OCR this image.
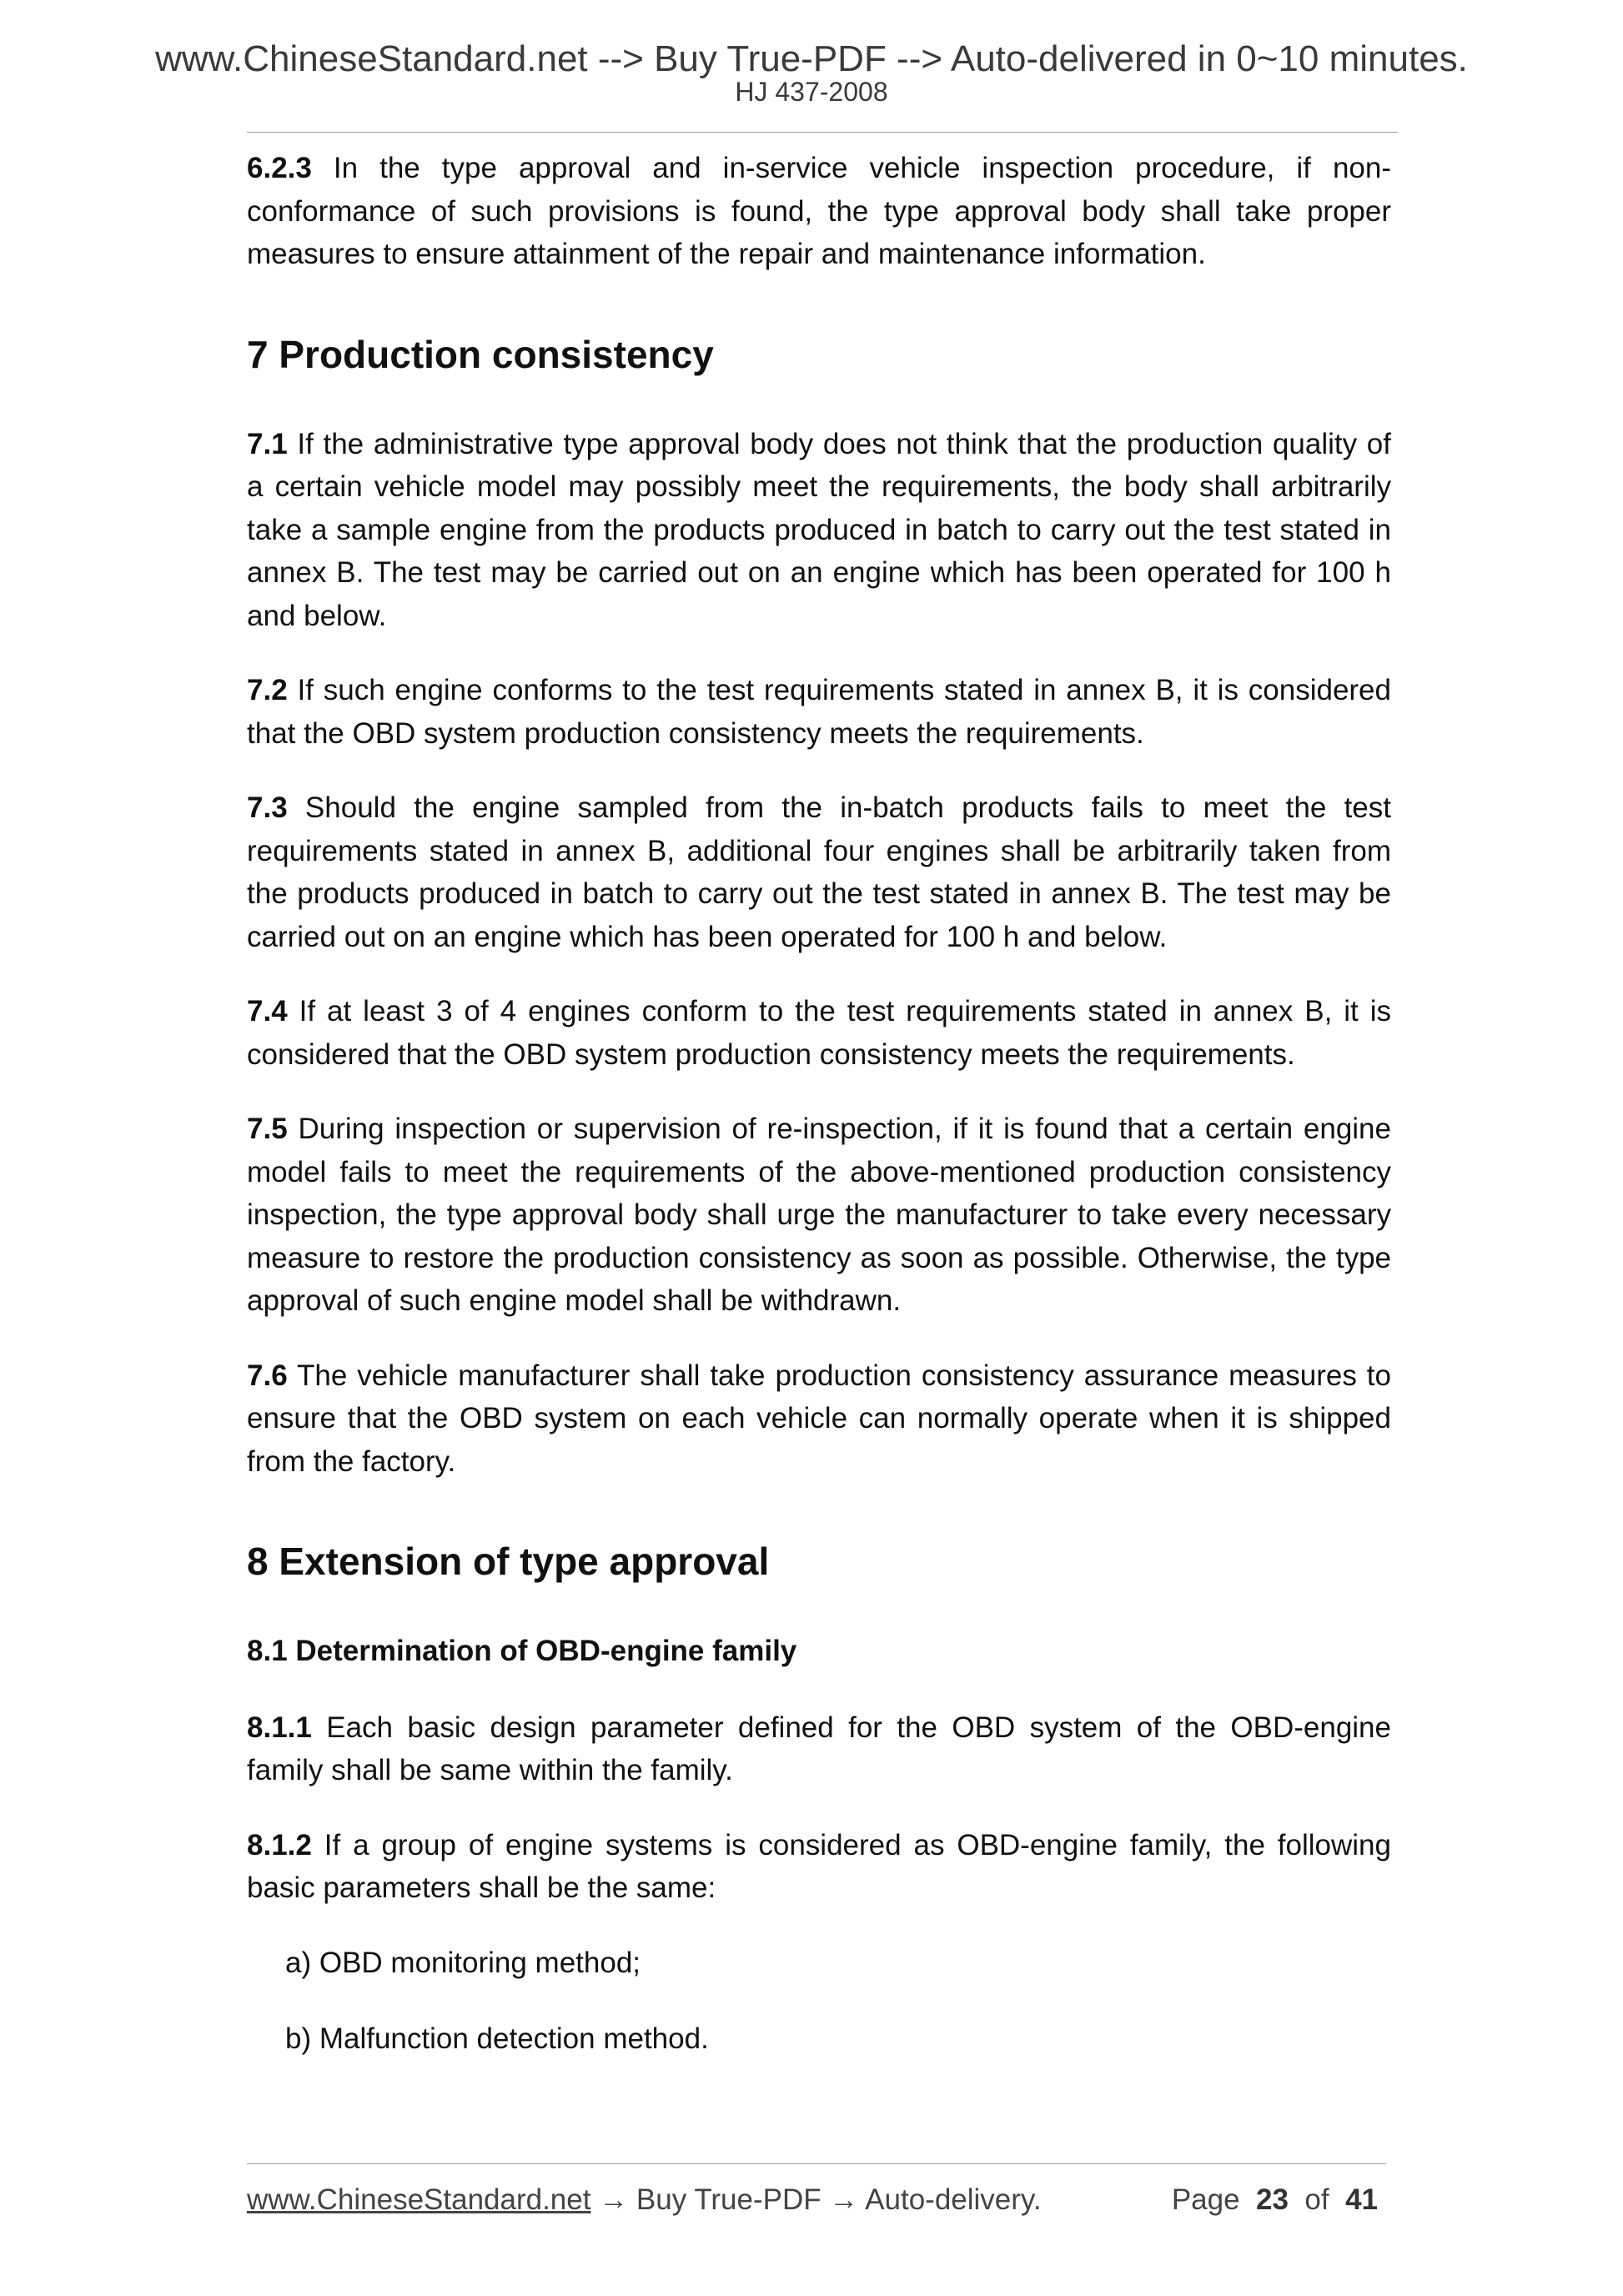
www.ChineseStandard.net --> Buy True-PDF --> Auto-delivered in 0~10 minutes.
HJ 437-2008

6.2.3 In the type approval and in-service vehicle inspection procedure, if non-conformance of such provisions is found, the type approval body shall take proper measures to ensure attainment of the repair and maintenance information.

7 Production consistency

7.1 If the administrative type approval body does not think that the production quality of a certain vehicle model may possibly meet the requirements, the body shall arbitrarily take a sample engine from the products produced in batch to carry out the test stated in annex B. The test may be carried out on an engine which has been operated for 100 h and below.

7.2 If such engine conforms to the test requirements stated in annex B, it is considered that the OBD system production consistency meets the requirements.

7.3 Should the engine sampled from the in-batch products fails to meet the test requirements stated in annex B, additional four engines shall be arbitrarily taken from the products produced in batch to carry out the test stated in annex B. The test may be carried out on an engine which has been operated for 100 h and below.

7.4 If at least 3 of 4 engines conform to the test requirements stated in annex B, it is considered that the OBD system production consistency meets the requirements.

7.5 During inspection or supervision of re-inspection, if it is found that a certain engine model fails to meet the requirements of the above-mentioned production consistency inspection, the type approval body shall urge the manufacturer to take every necessary measure to restore the production consistency as soon as possible. Otherwise, the type approval of such engine model shall be withdrawn.

7.6 The vehicle manufacturer shall take production consistency assurance measures to ensure that the OBD system on each vehicle can normally operate when it is shipped from the factory.

8 Extension of type approval
8.1 Determination of OBD-engine family

8.1.1 Each basic design parameter defined for the OBD system of the OBD-engine family shall be same within the family.

8.1.2 If a group of engine systems is considered as OBD-engine family, the following basic parameters shall be the same:

a) OBD monitoring method;
b) Malfunction detection method.
www.ChineseStandard.net → Buy True-PDF → Auto-delivery.	Page 23 of 41
